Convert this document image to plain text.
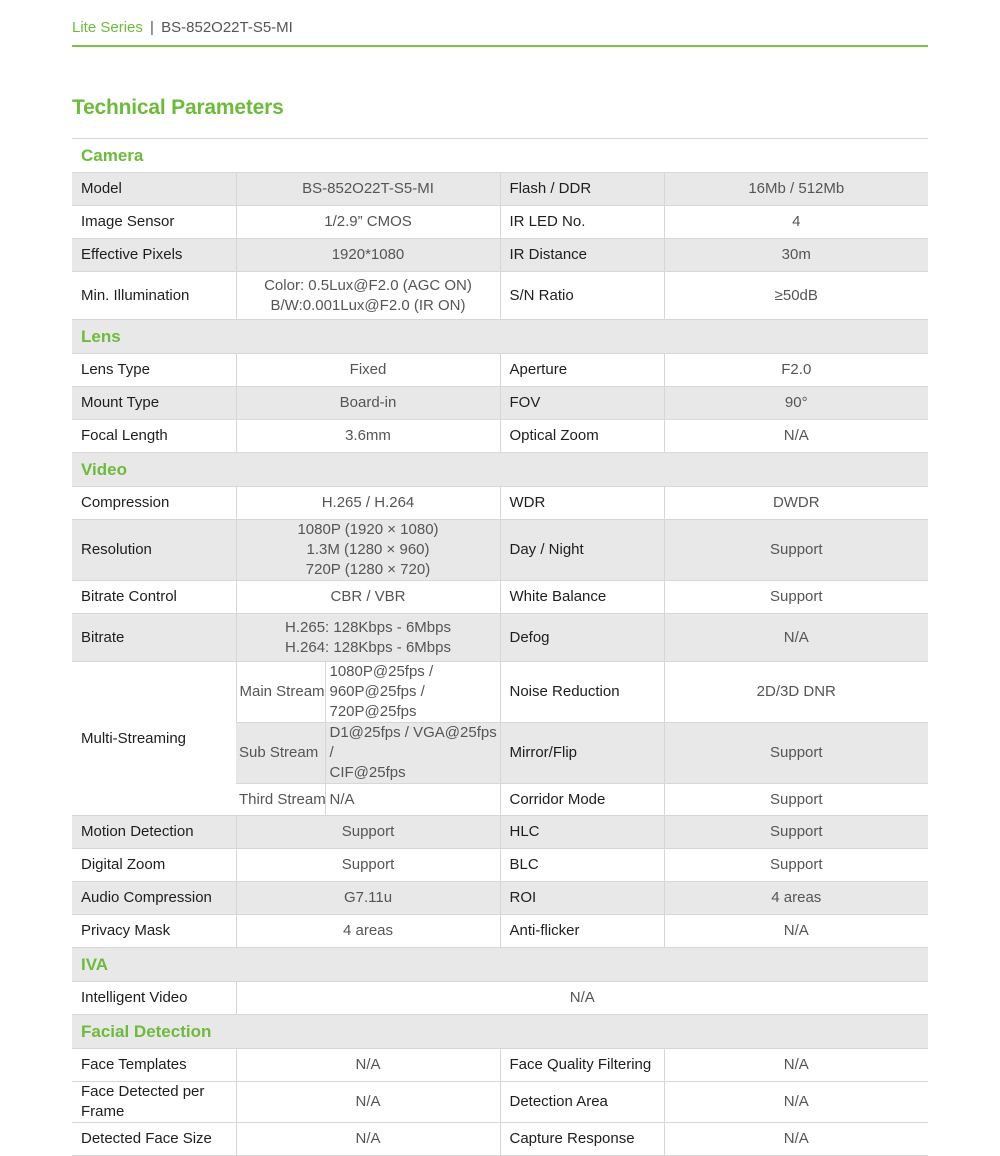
Lite Series | BS-852O22T-S5-MI
Technical Parameters
Camera				
Model	BS-852O22T-S5-MI		Flash / DDR	16Mb / 512Mb
Image Sensor	1/2.9” CMOS		IR LED No.	4
Effective Pixels	1920*1080		IR Distance	30m
Min. Illumination	Color: 0.5Lux@F2.0 (AGC ON)
B/W:0.001Lux@F2.0 (IR ON)		S/N Ratio	≥50dB
Lens				
Lens Type	Fixed		Aperture	F2.0
Mount Type	Board-in		FOV	90°
Focal Length	3.6mm		Optical Zoom	N/A
Video				
Compression	H.265 / H.264		WDR	DWDR
Resolution	1080P (1920 × 1080)
1.3M (1280 × 960)
720P (1280 × 720)		Day / Night	Support
Bitrate Control	CBR / VBR		White Balance	Support
Bitrate	H.265: 128Kbps - 6Mbps
H.264: 128Kbps - 6Mbps		Defog	N/A
Multi-Streaming	Main Stream	1080P@25fps /
960P@25fps / 720P@25fps	Noise Reduction	2D/3D DNR
	Sub Stream	D1@25fps / VGA@25fps /
CIF@25fps	Mirror/Flip	Support
	Third Stream	N/A	Corridor Mode	Support
Motion Detection	Support		HLC	Support
Digital Zoom	Support		BLC	Support
Audio Compression	G7.11u		ROI	4 areas
Privacy Mask	4 areas		Anti-flicker	N/A
IVA				
Intelligent Video	N/A			
Facial Detection				
Face Templates	N/A		Face Quality Filtering	N/A
Face Detected per Frame	N/A		Detection Area	N/A
Detected Face Size	N/A		Capture Response	N/A
